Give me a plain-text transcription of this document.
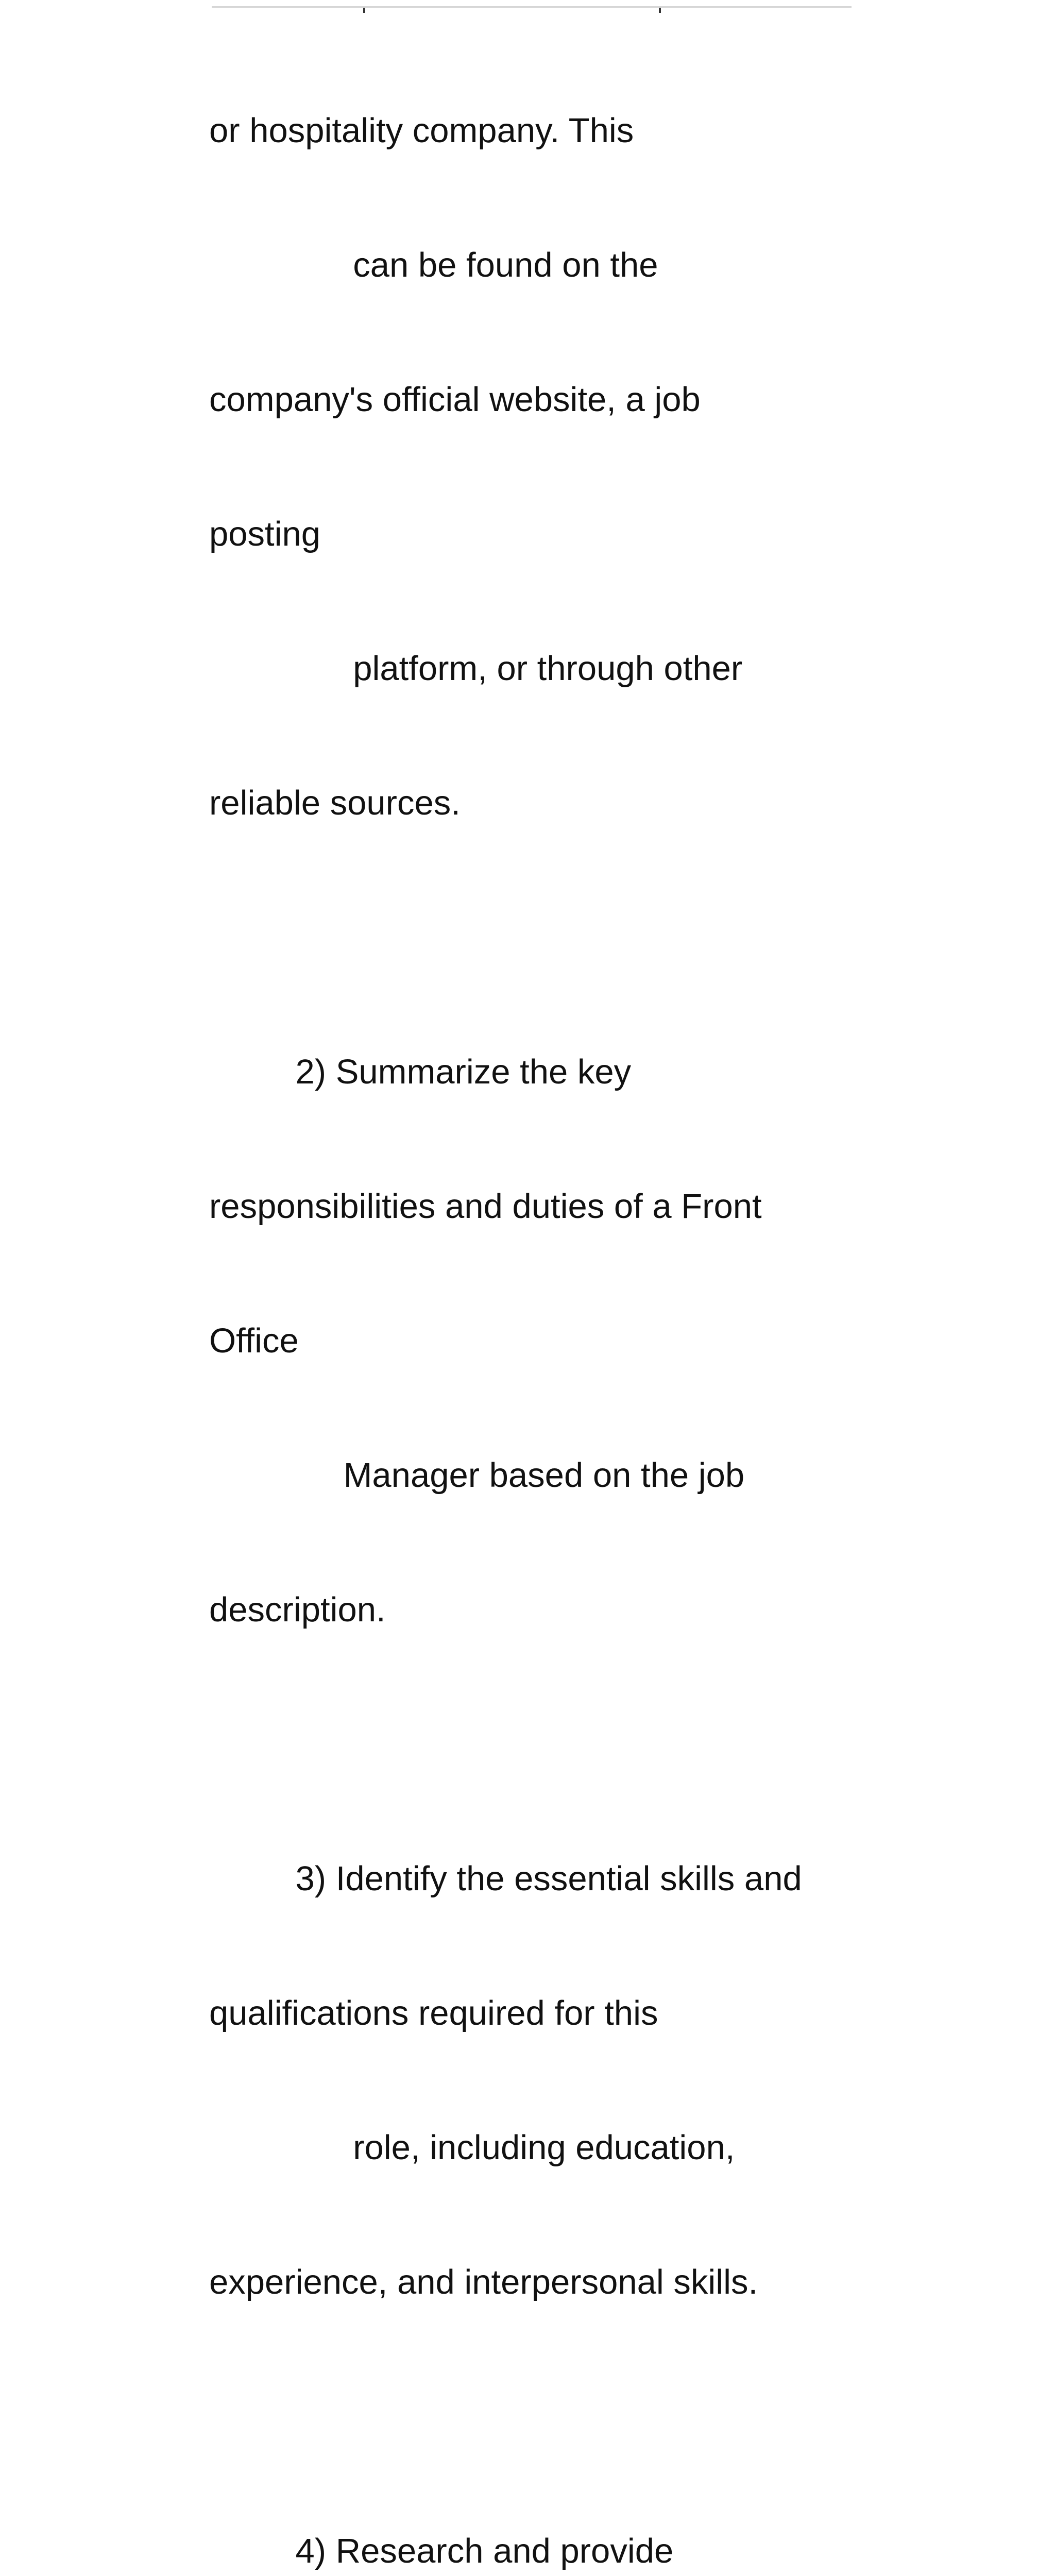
or hospitality company. This

can be found on the

company's official website, a job

posting

platform, or through other

reliable sources.

2) Summarize the key

responsibilities and duties of a Front

Office

Manager based on the job

description.

3) Identify the essential skills and

qualifications required for this

role, including education,

experience, and interpersonal skills.

4) Research and provide
